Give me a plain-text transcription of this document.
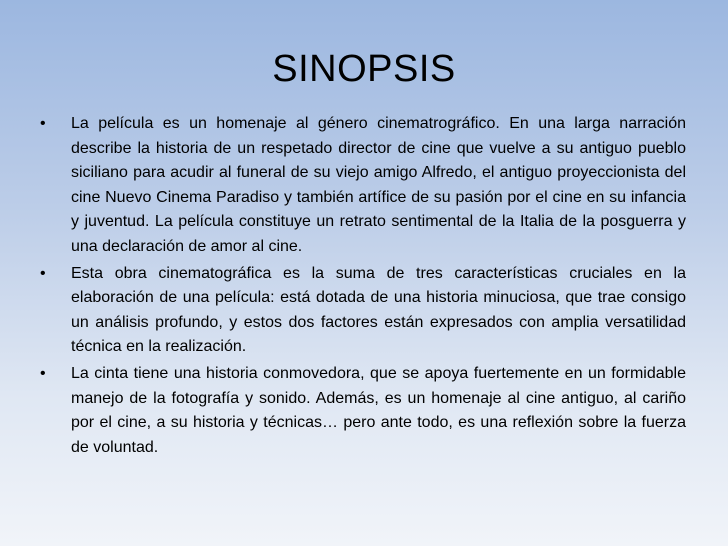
SINOPSIS
•	La película es un homenaje al género cinematrográfico. En una larga narración describe la historia de un respetado director de cine que vuelve a su antiguo pueblo siciliano para acudir al funeral de su viejo amigo Alfredo, el antiguo proyeccionista del cine Nuevo Cinema Paradiso y también artífice de su pasión por el cine en su infancia y juventud. La película constituye un retrato sentimental de la Italia de la posguerra y una declaración de amor al cine.
•	Esta obra cinematográfica es la suma de tres características cruciales en la elaboración de una película: está dotada de una historia minuciosa, que trae consigo un análisis profundo, y estos dos factores están expresados con amplia versatilidad técnica en la realización.
•	La cinta tiene una historia conmovedora, que se apoya fuertemente en un formidable manejo de la fotografía y sonido. Además, es un homenaje al cine antiguo, al cariño por el cine, a su historia y técnicas… pero ante todo, es una reflexión sobre la fuerza de voluntad.
